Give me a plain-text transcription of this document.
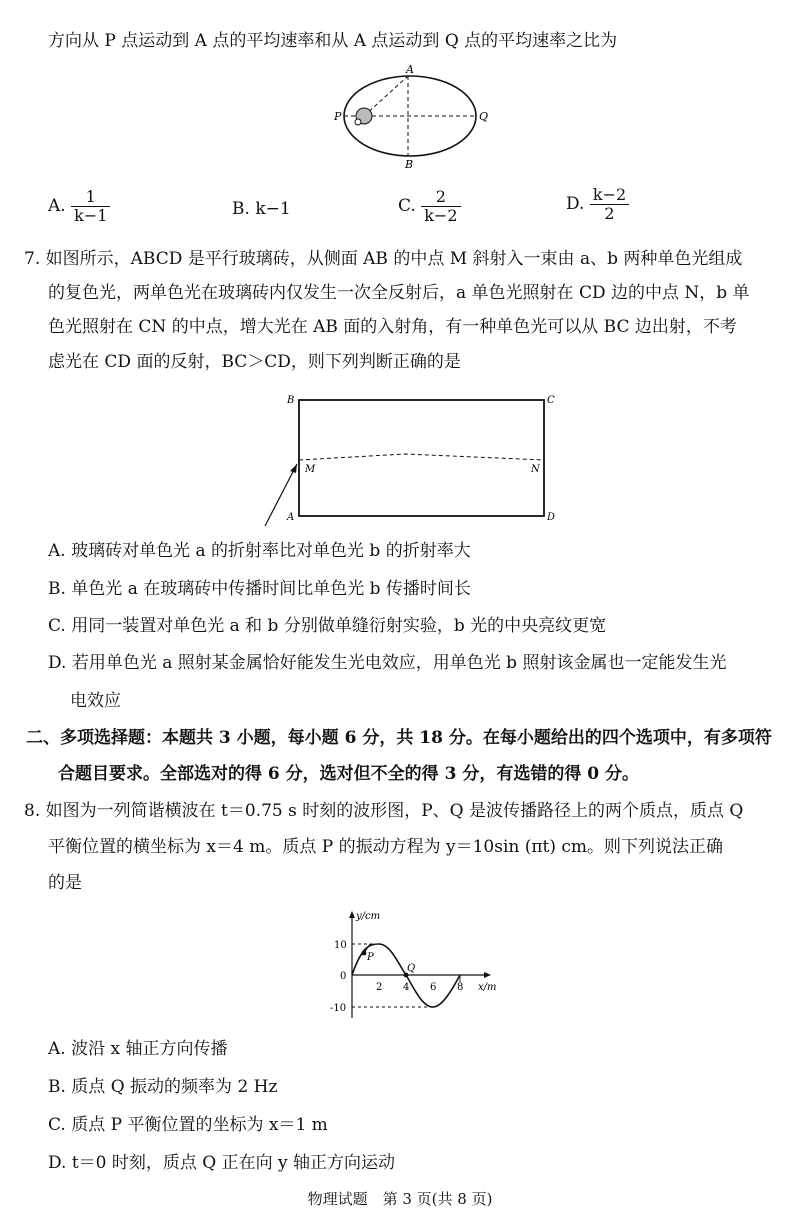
方向从 P 点运动到 A 点的平均速率和从 A 点运动到 Q 点的平均速率之比为
A
B
P	Q
A. $\frac{1}{k-1}$	B. k−1	C. $\frac{2}{k-2}$	D. $\frac{k-2}{2}$
7. 如图所示，ABCD 是平行玻璃砖，从侧面 AB 的中点 M 斜射入一束由 a、b 两种单色光组成
的复色光，两单色光在玻璃砖内仅发生一次全反射后，a 单色光照射在 CD 边的中点 N，b 单
色光照射在 CN 的中点，增大光在 AB 面的入射角，有一种单色光可以从 BC 边出射，不考
虑光在 CD 面的反射，BC＞CD，则下列判断正确的是
B	C
M	N
A	D
A. 玻璃砖对单色光 a 的折射率比对单色光 b 的折射率大
B. 单色光 a 在玻璃砖中传播时间比单色光 b 传播时间长
C. 用同一装置对单色光 a 和 b 分别做单缝衍射实验，b 光的中央亮纹更宽
D. 若用单色光 a 照射某金属恰好能发生光电效应，用单色光 b 照射该金属也一定能发生光
电效应
二、多项选择题：本题共 3 小题，每小题 6 分，共 18 分。在每小题给出的四个选项中，有多项符
合题目要求。全部选对的得 6 分，选对但不全的得 3 分，有选错的得 0 分。
8. 如图为一列简谐横波在 t＝0.75 s 时刻的波形图，P、Q 是波传播路径上的两个质点，质点 Q
平衡位置的横坐标为 x＝4 m。质点 P 的振动方程为 y＝10sin (πt) cm。则下列说法正确
的是
y/cm
x/m
10
0
-10
2 4 6 8
P
Q
A. 波沿 x 轴正方向传播
B. 质点 Q 振动的频率为 2 Hz
C. 质点 P 平衡位置的坐标为 x＝1 m
D. t＝0 时刻，质点 Q 正在向 y 轴正方向运动
物理试题　第 3 页(共 8 页)
